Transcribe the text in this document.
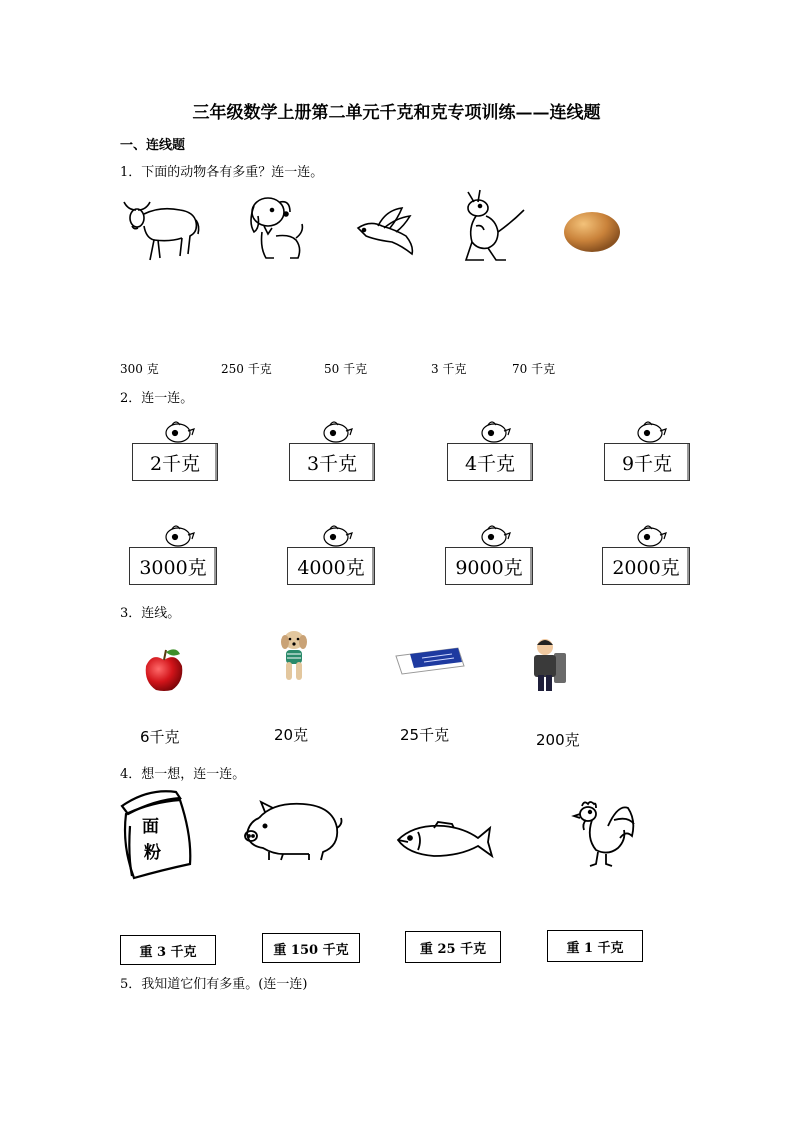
三年级数学上册第二单元千克和克专项训练——连线题
一、连线题
1．下面的动物各有多重？连一连。
300 克	250 千克	50 千克	3 千克	70 千克
2．连一连。
2千克	3千克	4千克	9千克
3000克	4000克	9000克	2000克
3．连线。
6千克	20克	25千克	200克
4．想一想，连一连。
面
粉
重 3 千克	重 150 千克	重 25 千克	重 1 千克
5．我知道它们有多重。(连一连)
